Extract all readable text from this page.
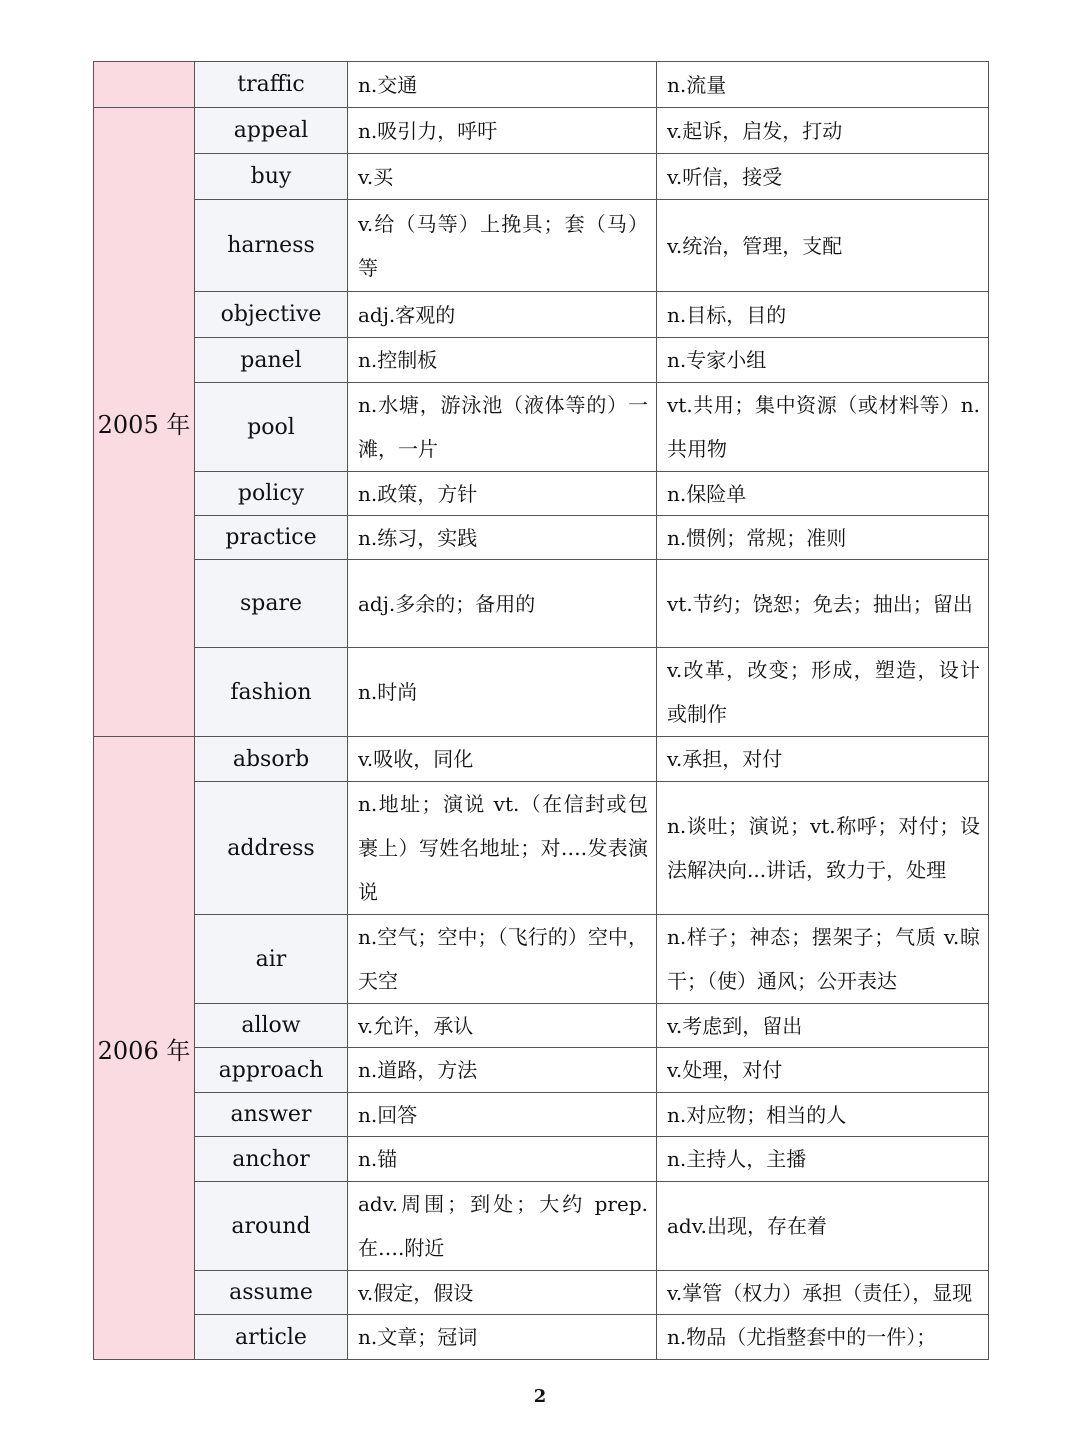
	traffic	n.交通	n.流量
2005 年	appeal	n.吸引力，呼吁	v.起诉，启发，打动
	buy	v.买	v.听信，接受
	harness	v.给（马等）上挽具；套（马）等	v.统治，管理，支配
	objective	adj.客观的	n.目标，目的
	panel	n.控制板	n.专家小组
	pool	n.水塘，游泳池（液体等的）一滩，一片	vt.共用；集中资源（或材料等）n.共用物
	policy	n.政策，方针	n.保险单
	practice	n.练习，实践	n.惯例；常规；准则
	spare	adj.多余的；备用的	vt.节约；饶恕；免去；抽出；留出
	fashion	n.时尚	v.改革，改变；形成，塑造，设计或制作
2006 年	absorb	v.吸收，同化	v.承担，对付
	address	n.地址；演说 vt.（在信封或包裹上）写姓名地址；对….发表演说	n.谈吐；演说；vt.称呼；对付；设法解决向...讲话，致力于，处理
	air	n.空气；空中；（飞行的）空中，天空	n.样子；神态；摆架子；气质 v.晾干；（使）通风；公开表达
	allow	v.允许，承认	v.考虑到，留出
	approach	n.道路，方法	v.处理，对付
	answer	n.回答	n.对应物；相当的人
	anchor	n.锚	n.主持人，主播
	around	adv.周围；到处；大约 prep.在….附近	adv.出现，存在着
	assume	v.假定，假设	v.掌管（权力）承担（责任），显现
	article	n.文章；冠词	n.物品（尤指整套中的一件）；
2
